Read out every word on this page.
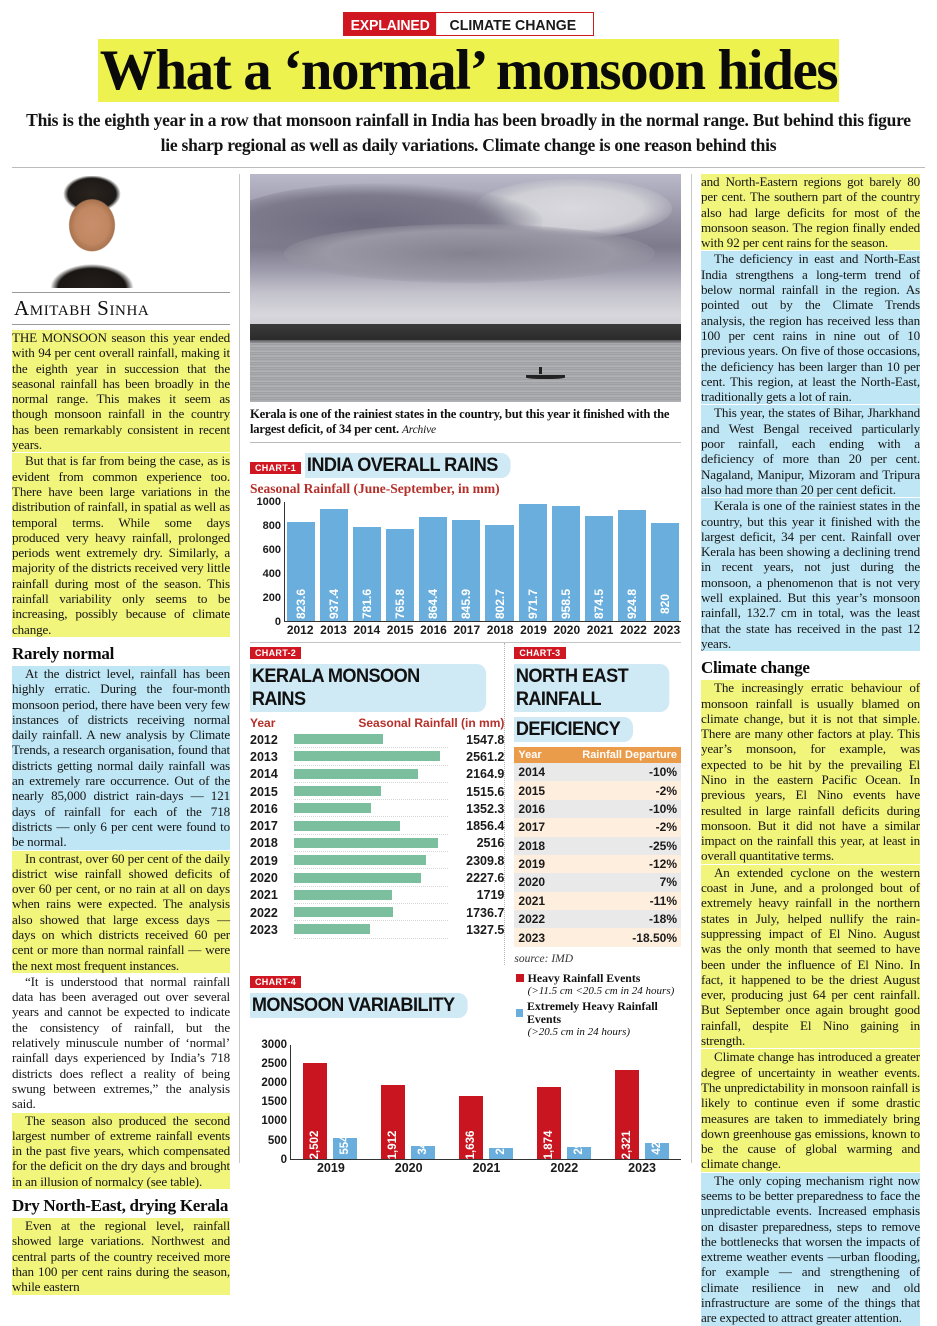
EXPLAINED	CLIMATE CHANGE
What a ‘normal’ monsoon hides
This is the eighth year in a row that monsoon rainfall in India has been broadly in the normal range. But behind this figure lie sharp regional as well as daily variations. Climate change is one reason behind this
Amitabh Sinha

THE MONSOON season this year ended with 94 per cent overall rainfall, making it the eighth year in succession that the seasonal rainfall has been broadly in the normal range. This makes it seem as though monsoon rainfall in the country has been remarkably consistent in recent years.

But that is far from being the case, as is evident from common experience too. There have been large variations in the distribution of rainfall, in spatial as well as temporal terms. While some days produced very heavy rainfall, prolonged periods went extremely dry. Similarly, a majority of the districts received very little rainfall during most of the season. This rainfall variability only seems to be increasing, possibly because of climate change.

Rarely normal

At the district level, rainfall has been highly erratic. During the four-month monsoon period, there have been very few instances of districts receiving normal daily rainfall. A new analysis by Climate Trends, a research organisation, found that districts getting normal daily rainfall was an extremely rare occurrence. Out of the nearly 85,000 district rain-days — 121 days of rainfall for each of the 718 districts — only 6 per cent were found to be normal.

In contrast, over 60 per cent of the daily district wise rainfall showed deficits of over 60 per cent, or no rain at all on days when rains were expected. The analysis also showed that large excess days — days on which districts received 60 per cent or more than normal rainfall — were the next most frequent instances.

“It is understood that normal rainfall data has been averaged out over several years and cannot be expected to indicate the consistency of rainfall, but the relatively minuscule number of ‘normal’ rainfall days experienced by India’s 718 districts does reflect a reality of being swung between extremes,” the analysis said.

The season also produced the second largest number of extreme rainfall events in the past five years, which compensated for the deficit on the dry days and brought in an illusion of normalcy (see table).

Dry North-East, drying Kerala

Even at the regional level, rainfall showed large variations. Northwest and central parts of the country received more than 100 per cent rains during the season, while eastern

Kerala is one of the rainiest states in the country, but this year it finished with the largest deficit, of 34 per cent. Archive
CHART-1 INDIA OVERALL RAINS
Seasonal Rainfall (June-September, in mm)
1000
800
600
400
200
0
823.6 937.4 781.6 765.8 864.4 845.9 802.7 971.7 958.5 874.5 924.8 820
2012 2013 2014 2015 2016 2017 2018 2019 2020 2021 2022 2023
CHART-2 KERALA MONSOON RAINS
Year	Seasonal Rainfall (in mm)
2012	1547.8
2013	2561.2
2014	2164.9
2015	1515.6
2016	1352.3
2017	1856.4
2018	2516
2019	2309.8
2020	2227.6
2021	1719
2022	1736.7
2023	1327.5
CHART-3 NORTH EAST RAINFALL DEFICIENCY
Year	Rainfall Departure
2014	-10%
2015	-2%
2016	-10%
2017	-2%
2018	-25%
2019	-12%
2020	7%
2021	-11%
2022	-18%
2023	-18.50%
source: IMD
CHART-4 MONSOON VARIABILITY
Heavy Rainfall Events
(>11.5 cm <20.5 cm in 24 hours)
Extremely Heavy Rainfall Events
(>20.5 cm in 24 hours)
3000
2500
2000
1500
1000
500
0
2,502 554	1,912 341	1,636 273	1,874 296	2,321 421
2019	2020	2021	2022	2023

and North-Eastern regions got barely 80 per cent. The southern part of the country also had large deficits for most of the monsoon season. The region finally ended with 92 per cent rains for the season.

The deficiency in east and North-East India strengthens a long-term trend of below normal rainfall in the region. As pointed out by the Climate Trends analysis, the region has received less than 100 per cent rains in nine out of 10 previous years. On five of those occasions, the deficiency has been larger than 10 per cent. This region, at least the North-East, traditionally gets a lot of rain.

This year, the states of Bihar, Jharkhand and West Bengal received particularly poor rainfall, each ending with a deficiency of more than 20 per cent. Nagaland, Manipur, Mizoram and Tripura also had more than 20 per cent deficit.

Kerala is one of the rainiest states in the country, but this year it finished with the largest deficit, 34 per cent. Rainfall over Kerala has been showing a declining trend in recent years, not just during the monsoon, a phenomenon that is not very well explained. But this year’s monsoon rainfall, 132.7 cm in total, was the least that the state has received in the past 12 years.

Climate change

The increasingly erratic behaviour of monsoon rainfall is usually blamed on climate change, but it is not that simple. There are many other factors at play. This year’s monsoon, for example, was expected to be hit by the prevailing El Nino in the eastern Pacific Ocean. In previous years, El Nino events have resulted in large rainfall deficits during monsoon. But it did not have a similar impact on the rainfall this year, at least in overall quantitative terms.

An extended cyclone on the western coast in June, and a prolonged bout of extremely heavy rainfall in the northern states in July, helped nullify the rain-suppressing impact of El Nino. August was the only month that seemed to have been under the influence of El Nino. In fact, it happened to be the driest August ever, producing just 64 per cent rainfall. But September once again brought good rainfall, despite El Nino gaining in strength.

Climate change has introduced a greater degree of uncertainty in weather events. The unpredictability in monsoon rainfall is likely to continue even if some drastic measures are taken to immediately bring down greenhouse gas emissions, known to be the cause of global warming and climate change.

The only coping mechanism right now seems to be better preparedness to face the unpredictable events. Increased emphasis on disaster preparedness, steps to remove the bottlenecks that worsen the impacts of extreme weather events —urban flooding, for example — and strengthening of climate resilience in new and old infrastructure are some of the things that are expected to attract greater attention.
